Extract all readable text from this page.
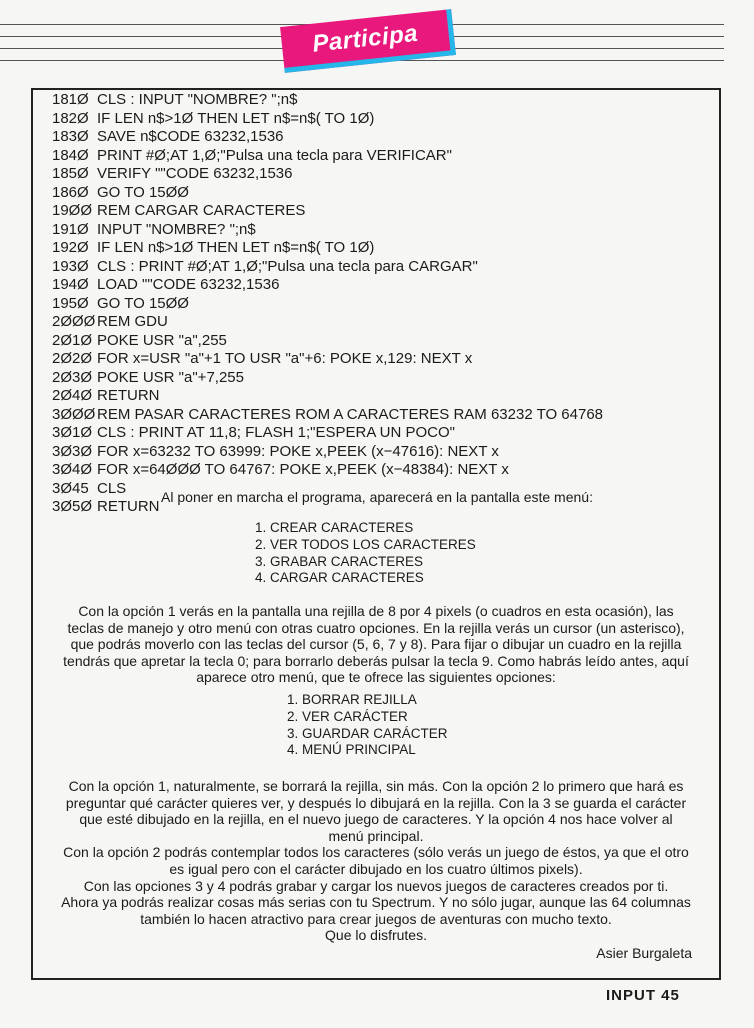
Participa
181Ø CLS : INPUT "NOMBRE? ";n$
182Ø IF LEN n$>1Ø THEN LET n$=n$( TO 1Ø)
183Ø SAVE n$CODE 63232,1536
184Ø PRINT #Ø;AT 1,Ø;"Pulsa una tecla para VERIFICAR"
185Ø VERIFY ""CODE 63232,1536
186Ø GO TO 15ØØ
19ØØ REM CARGAR CARACTERES
191Ø INPUT "NOMBRE? ";n$
192Ø IF LEN n$>1Ø THEN LET n$=n$( TO 1Ø)
193Ø CLS : PRINT #Ø;AT 1,Ø;"Pulsa una tecla para CARGAR"
194Ø LOAD ""CODE 63232,1536
195Ø GO TO 15ØØ
2ØØØ REM GDU
2Ø1Ø POKE USR "a",255
2Ø2Ø FOR x=USR "a"+1 TO USR "a"+6: POKE x,129: NEXT x
2Ø3Ø POKE USR "a"+7,255
2Ø4Ø RETURN
3ØØØ REM PASAR CARACTERES ROM A CARACTERES RAM 63232 TO 64768
3Ø1Ø CLS : PRINT AT 11,8; FLASH 1;"ESPERA UN POCO"
3Ø3Ø FOR x=63232 TO 63999: POKE x,PEEK (x−47616): NEXT x
3Ø4Ø FOR x=64ØØØ TO 64767: POKE x,PEEK (x−48384): NEXT x
3Ø45 CLS
3Ø5Ø RETURN
Al poner en marcha el programa, aparecerá en la pantalla este menú:
1. CREAR CARACTERES
2. VER TODOS LOS CARACTERES
3. GRABAR CARACTERES
4. CARGAR CARACTERES
Con la opción 1 verás en la pantalla una rejilla de 8 por 4 pixels (o cuadros en esta ocasión), las
teclas de manejo y otro menú con otras cuatro opciones. En la rejilla verás un cursor (un asterisco),
que podrás moverlo con las teclas del cursor (5, 6, 7 y 8). Para fijar o dibujar un cuadro en la rejilla
tendrás que apretar la tecla 0; para borrarlo deberás pulsar la tecla 9. Como habrás leído antes, aquí
aparece otro menú, que te ofrece las siguientes opciones:
1. BORRAR REJILLA
2. VER CARÁCTER
3. GUARDAR CARÁCTER
4. MENÚ PRINCIPAL
Con la opción 1, naturalmente, se borrará la rejilla, sin más. Con la opción 2 lo primero que hará es
preguntar qué carácter quieres ver, y después lo dibujará en la rejilla. Con la 3 se guarda el carácter
que esté dibujado en la rejilla, en el nuevo juego de caracteres. Y la opción 4 nos hace volver al
menú principal.
Con la opción 2 podrás contemplar todos los caracteres (sólo verás un juego de éstos, ya que el otro
es igual pero con el carácter dibujado en los cuatro últimos pixels).
Con las opciones 3 y 4 podrás grabar y cargar los nuevos juegos de caracteres creados por ti.
Ahora ya podrás realizar cosas más serias con tu Spectrum. Y no sólo jugar, aunque las 64 columnas
también lo hacen atractivo para crear juegos de aventuras con mucho texto.
Que lo disfrutes.
Asier Burgaleta
INPUT 45
